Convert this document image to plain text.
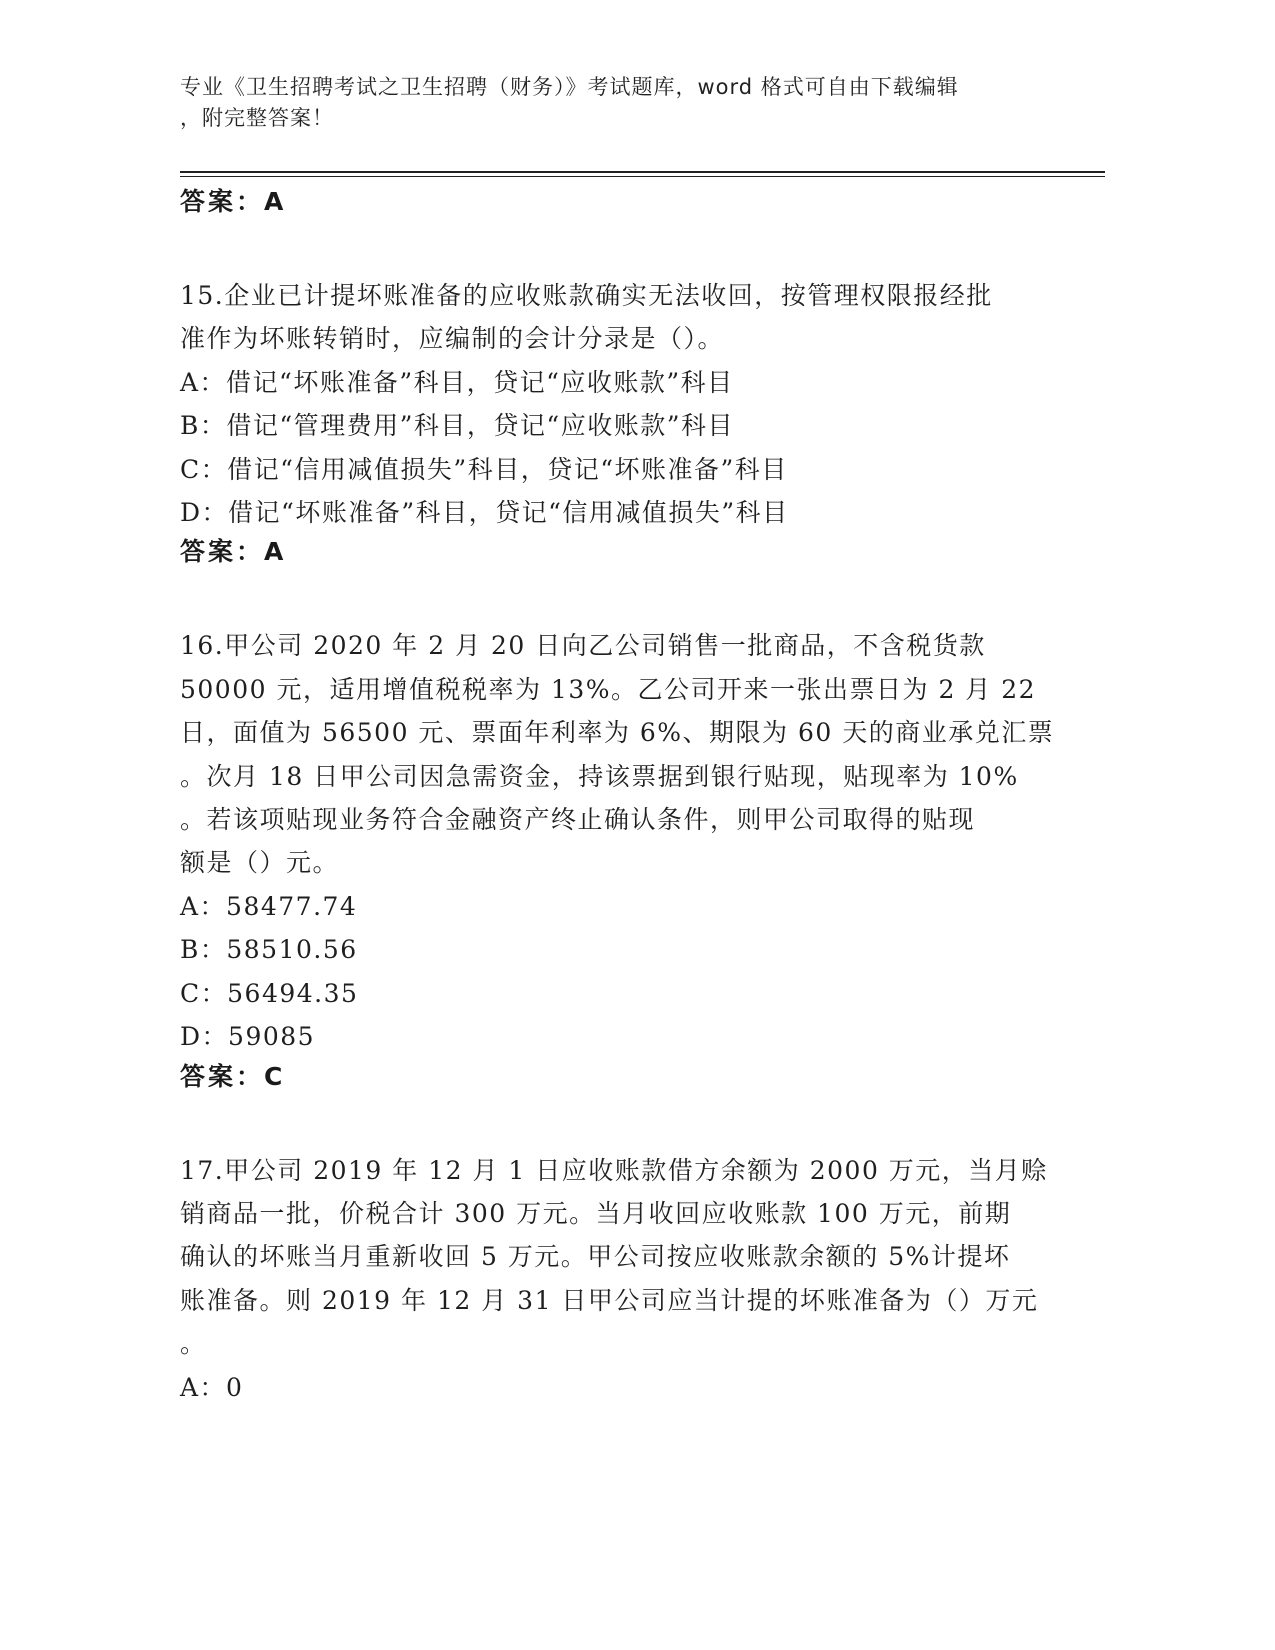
专业《卫生招聘考试之卫生招聘（财务）》考试题库，word 格式可自由下载编辑
，附完整答案！
答案：A
15.企业已计提坏账准备的应收账款确实无法收回，按管理权限报经批
准作为坏账转销时，应编制的会计分录是（）。
A：借记“坏账准备”科目，贷记“应收账款”科目
B：借记“管理费用”科目，贷记“应收账款”科目
C：借记“信用减值损失”科目，贷记“坏账准备”科目
D：借记“坏账准备”科目，贷记“信用减值损失”科目
答案：A
16.甲公司 2020 年 2 月 20 日向乙公司销售一批商品，不含税货款
50000 元，适用增值税税率为 13%。乙公司开来一张出票日为 2 月 22
日，面值为 56500 元、票面年利率为 6%、期限为 60 天的商业承兑汇票
。次月 18 日甲公司因急需资金，持该票据到银行贴现，贴现率为 10%
。若该项贴现业务符合金融资产终止确认条件，则甲公司取得的贴现
额是（）元。
A：58477.74
B：58510.56
C：56494.35
D：59085
答案：C
17.甲公司 2019 年 12 月 1 日应收账款借方余额为 2000 万元，当月赊
销商品一批，价税合计 300 万元。当月收回应收账款 100 万元，前期
确认的坏账当月重新收回 5 万元。甲公司按应收账款余额的 5%计提坏
账准备。则 2019 年 12 月 31 日甲公司应当计提的坏账准备为（）万元
。
A：0
